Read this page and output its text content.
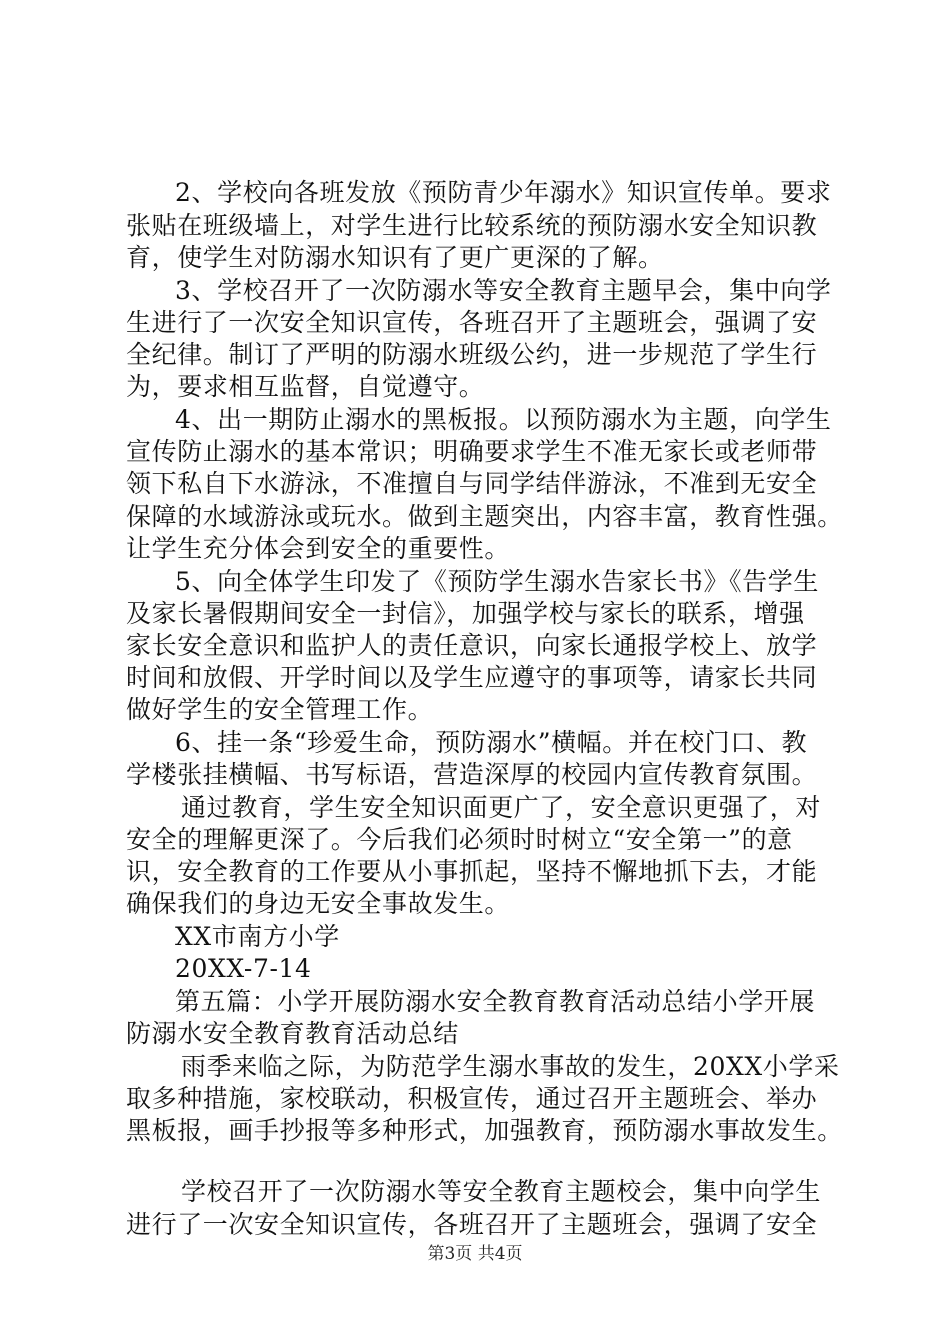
2、学校向各班发放《预防青少年溺水》知识宣传单。要求
张贴在班级墙上，对学生进行比较系统的预防溺水安全知识教
育，使学生对防溺水知识有了更广更深的了解。
3、学校召开了一次防溺水等安全教育主题早会，集中向学
生进行了一次安全知识宣传，各班召开了主题班会，强调了安
全纪律。制订了严明的防溺水班级公约，进一步规范了学生行
为，要求相互监督，自觉遵守。
4、出一期防止溺水的黑板报。以预防溺水为主题，向学生
宣传防止溺水的基本常识；明确要求学生不准无家长或老师带
领下私自下水游泳，不准擅自与同学结伴游泳，不准到无安全
保障的水域游泳或玩水。做到主题突出，内容丰富，教育性强。
让学生充分体会到安全的重要性。
5、向全体学生印发了《预防学生溺水告家长书》《告学生
及家长暑假期间安全一封信》，加强学校与家长的联系，增强
家长安全意识和监护人的责任意识，向家长通报学校上、放学
时间和放假、开学时间以及学生应遵守的事项等，请家长共同
做好学生的安全管理工作。
6、挂一条“珍爱生命，预防溺水”横幅。并在校门口、教
学楼张挂横幅、书写标语，营造深厚的校园内宣传教育氛围。
通过教育，学生安全知识面更广了，安全意识更强了，对
安全的理解更深了。今后我们必须时时树立“安全第一”的意
识，安全教育的工作要从小事抓起，坚持不懈地抓下去，才能
确保我们的身边无安全事故发生。
XX市南方小学
20XX-7-14
第五篇：小学开展防溺水安全教育教育活动总结小学开展
防溺水安全教育教育活动总结
雨季来临之际，为防范学生溺水事故的发生，20XX小学采
取多种措施，家校联动，积极宣传，通过召开主题班会、举办
黑板报，画手抄报等多种形式，加强教育，预防溺水事故发生。
学校召开了一次防溺水等安全教育主题校会，集中向学生
进行了一次安全知识宣传，各班召开了主题班会，强调了安全
第3页 共4页
